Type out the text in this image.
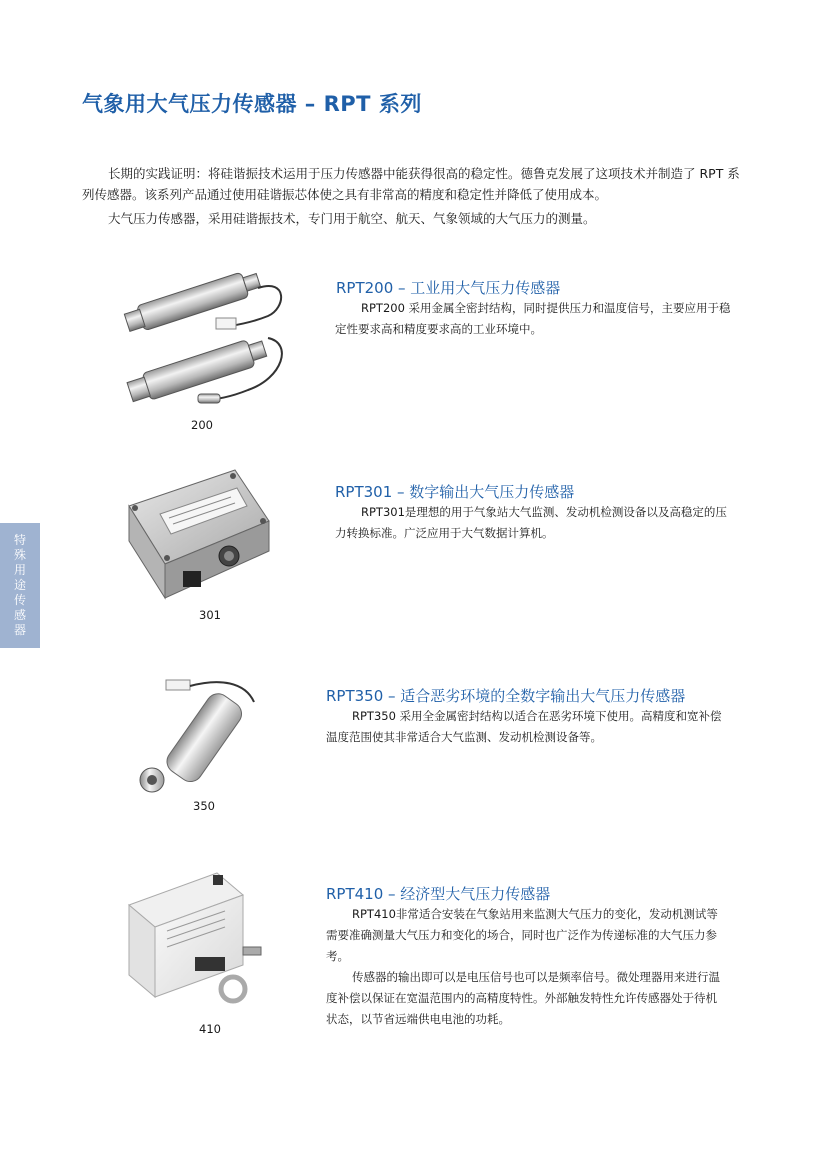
气象用大气压力传感器 – RPT 系列

长期的实践证明：将硅谐振技术运用于压力传感器中能获得很高的稳定性。德鲁克发展了这项技术并制造了 RPT 系列传感器。该系列产品通过使用硅谐振芯体使之具有非常高的精度和稳定性并降低了使用成本。

大气压力传感器，采用硅谐振技术，专门用于航空、航天、气象领域的大气压力的测量。

特
殊
用
途
传
感
器
200
RPT200 – 工业用大气压力传感器

RPT200 采用金属全密封结构，同时提供压力和温度信号，主要应用于稳定性要求高和精度要求高的工业环境中。

301
RPT301 – 数字输出大气压力传感器

RPT301是理想的用于气象站大气监测、发动机检测设备以及高稳定的压力转换标准。广泛应用于大气数据计算机。

350
RPT350 – 适合恶劣环境的全数字输出大气压力传感器

RPT350 采用全金属密封结构以适合在恶劣环境下使用。高精度和宽补偿温度范围使其非常适合大气监测、发动机检测设备等。

410
RPT410 – 经济型大气压力传感器

RPT410非常适合安装在气象站用来监测大气压力的变化，发动机测试等需要准确测量大气压力和变化的场合，同时也广泛作为传递标准的大气压力参考。

传感器的输出即可以是电压信号也可以是频率信号。微处理器用来进行温度补偿以保证在宽温范围内的高精度特性。外部触发特性允许传感器处于待机状态，以节省远端供电电池的功耗。
